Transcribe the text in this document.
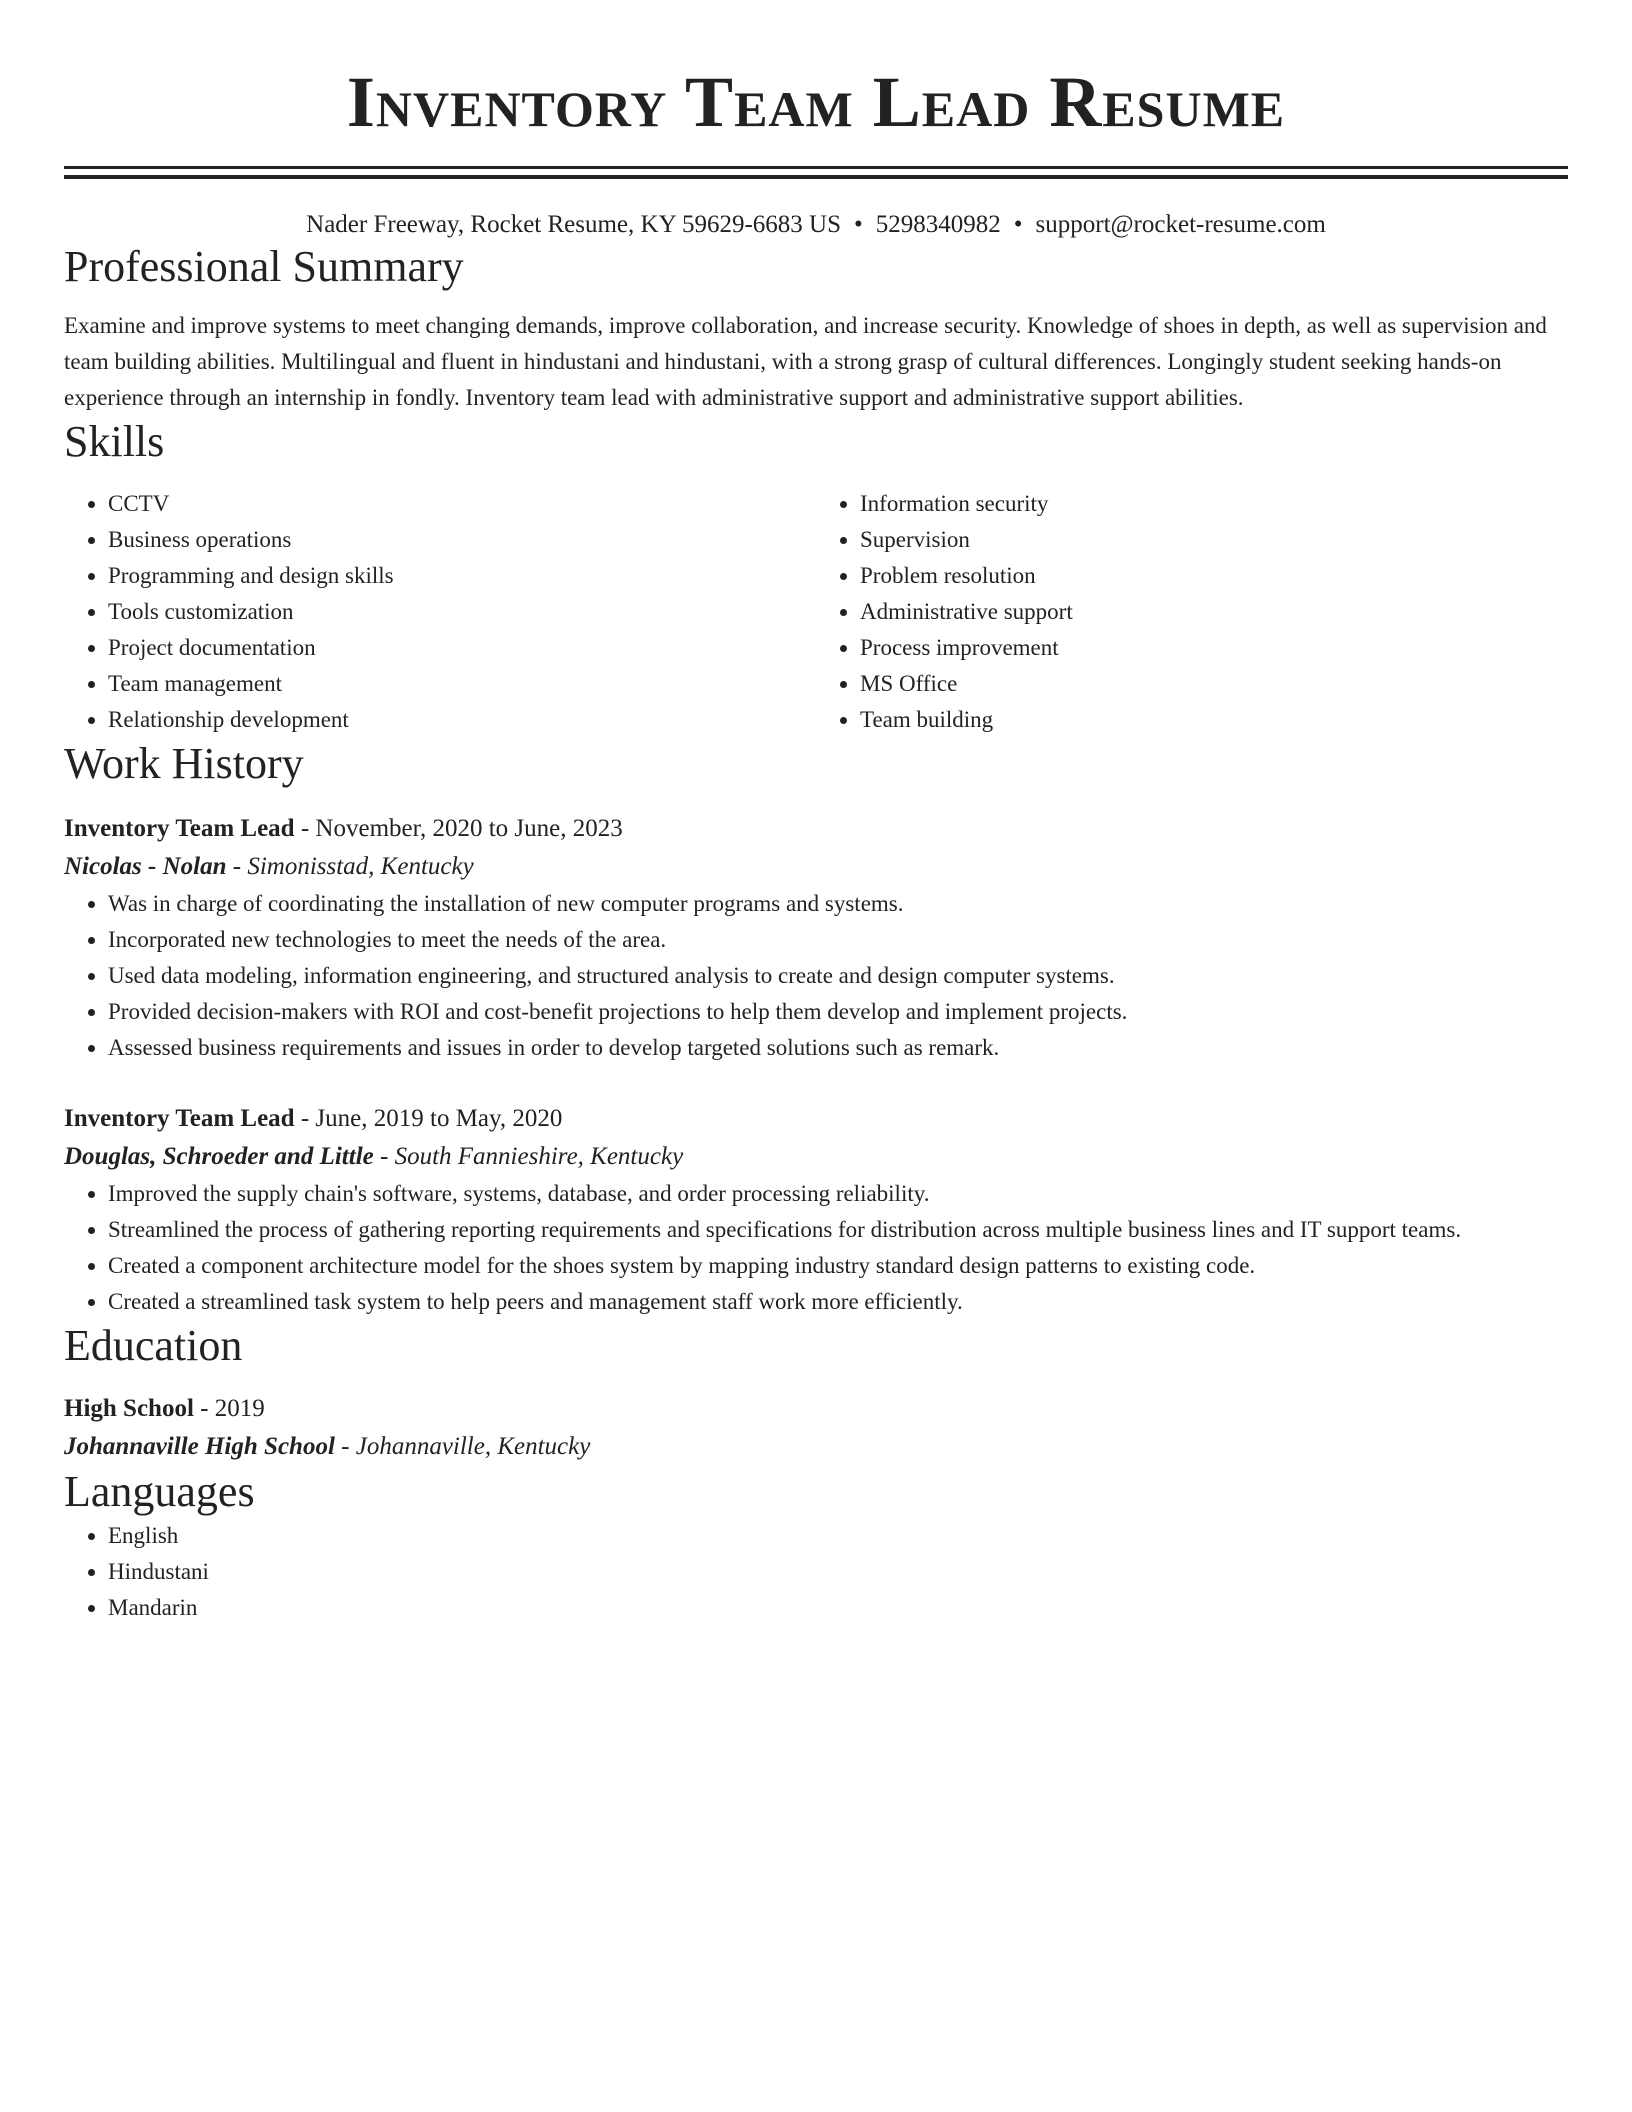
Inventory Team Lead Resume
Nader Freeway, Rocket Resume, KY 59629-6683 US • 5298340982 • support@rocket-resume.com
Professional Summary

Examine and improve systems to meet changing demands, improve collaboration, and increase security. Knowledge of shoes in depth, as well as supervision and team building abilities. Multilingual and fluent in hindustani and hindustani, with a strong grasp of cultural differences. Longingly student seeking hands-on experience through an internship in fondly. Inventory team lead with administrative support and administrative support abilities.

Skills
• CCTV
• Business operations
• Programming and design skills
• Tools customization
• Project documentation
• Team management
• Relationship development
• Information security
• Supervision
• Problem resolution
• Administrative support
• Process improvement
• MS Office
• Team building
Work History
Inventory Team Lead - November, 2020 to June, 2023
Nicolas - Nolan - Simonisstad, Kentucky
• Was in charge of coordinating the installation of new computer programs and systems.
• Incorporated new technologies to meet the needs of the area.
• Used data modeling, information engineering, and structured analysis to create and design computer systems.
• Provided decision-makers with ROI and cost-benefit projections to help them develop and implement projects.
• Assessed business requirements and issues in order to develop targeted solutions such as remark.
Inventory Team Lead - June, 2019 to May, 2020
Douglas, Schroeder and Little - South Fannieshire, Kentucky
• Improved the supply chain's software, systems, database, and order processing reliability.
• Streamlined the process of gathering reporting requirements and specifications for distribution across multiple business lines and IT support teams.
• Created a component architecture model for the shoes system by mapping industry standard design patterns to existing code.
• Created a streamlined task system to help peers and management staff work more efficiently.
Education
High School - 2019
Johannaville High School - Johannaville, Kentucky
Languages
• English
• Hindustani
• Mandarin
